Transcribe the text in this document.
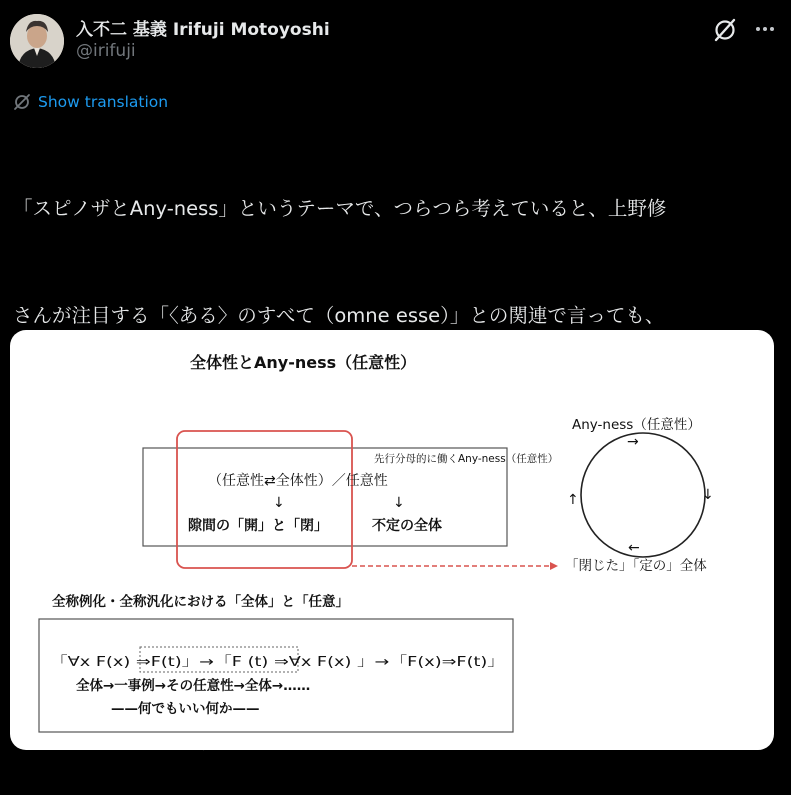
入不二 基義 Irifuji Motoyoshi
@irifuji
Show translation

「スピノザとAny-ness」というテーマで、つらつら考えていると、上野修

さんが注目する「〈ある〉のすべて（omne esse）」との関連で言っても、

全体性とAny-ness（任意性）
先行分母的に働くAny-ness（任意性）
（任意性⇄全体性）／任意性
↓	↓
隙間の「開」と「閉」	不定の全体
Any-ness（任意性）
→
↓
↑
←
「閉じた」「定の」全体
全称例化・全称汎化における「全体」と「任意」
「∀x F(x) ⇒F(t)」→「F (t) ⇒∀x F(x) 」→「F(x)⇒F(t)」
全体→一事例→その任意性→全体→……
——何でもいい何か——
